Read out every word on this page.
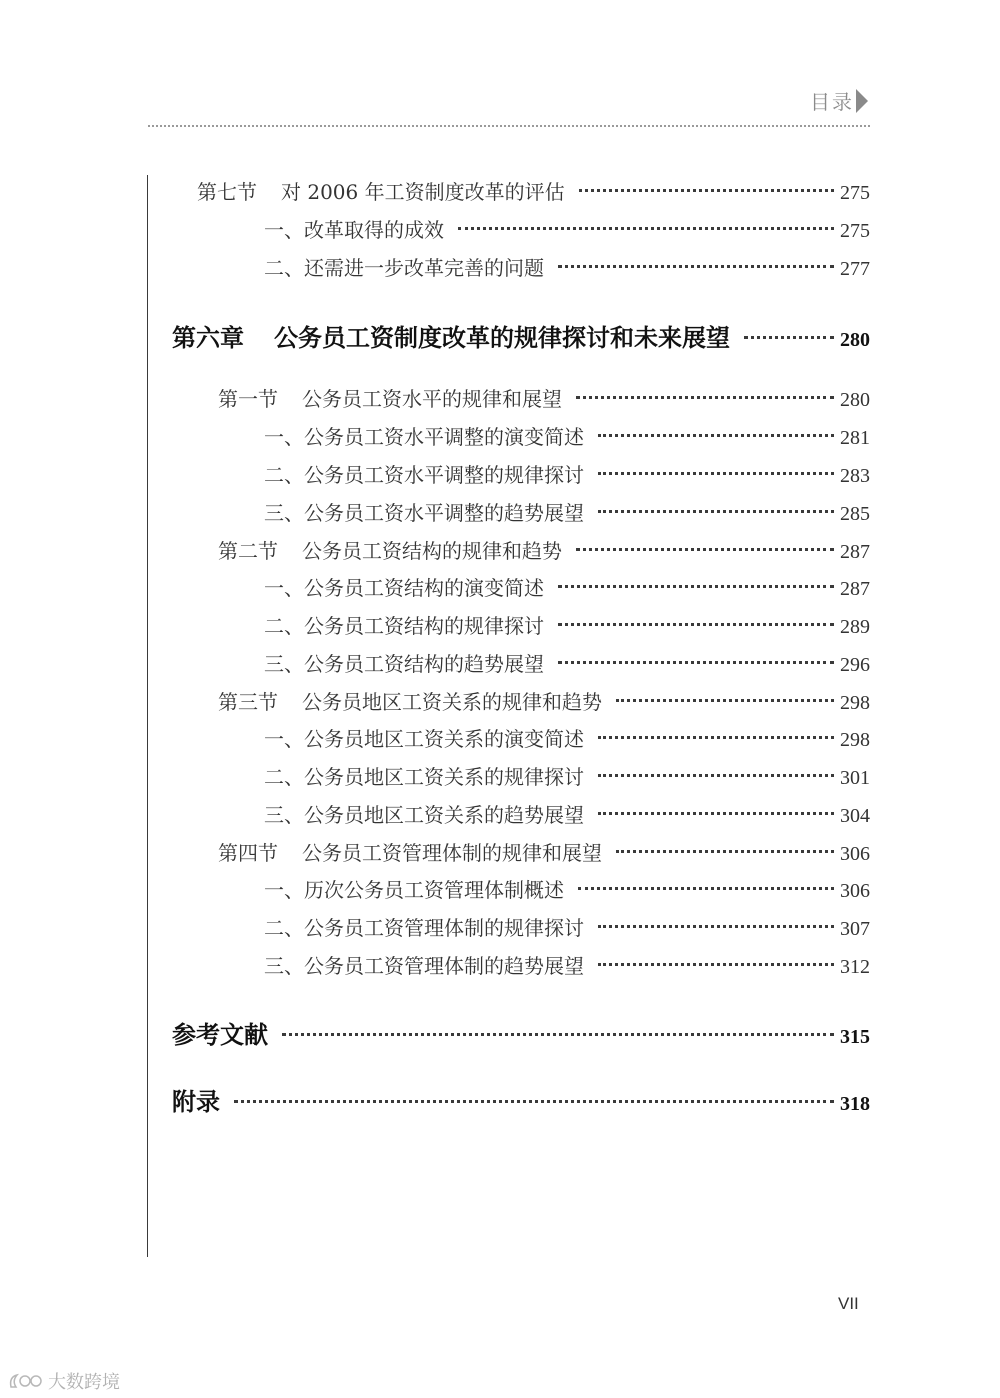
目录
第七节 对 2006 年工资制度改革的评估	275
一、改革取得的成效	275
二、还需进一步改革完善的问题	277
第六章 公务员工资制度改革的规律探讨和未来展望	280
第一节 公务员工资水平的规律和展望	280
一、公务员工资水平调整的演变简述	281
二、公务员工资水平调整的规律探讨	283
三、公务员工资水平调整的趋势展望	285
第二节 公务员工资结构的规律和趋势	287
一、公务员工资结构的演变简述	287
二、公务员工资结构的规律探讨	289
三、公务员工资结构的趋势展望	296
第三节 公务员地区工资关系的规律和趋势	298
一、公务员地区工资关系的演变简述	298
二、公务员地区工资关系的规律探讨	301
三、公务员地区工资关系的趋势展望	304
第四节 公务员工资管理体制的规律和展望	306
一、历次公务员工资管理体制概述	306
二、公务员工资管理体制的规律探讨	307
三、公务员工资管理体制的趋势展望	312
参考文献	315
附录	318
VII
大数跨境
